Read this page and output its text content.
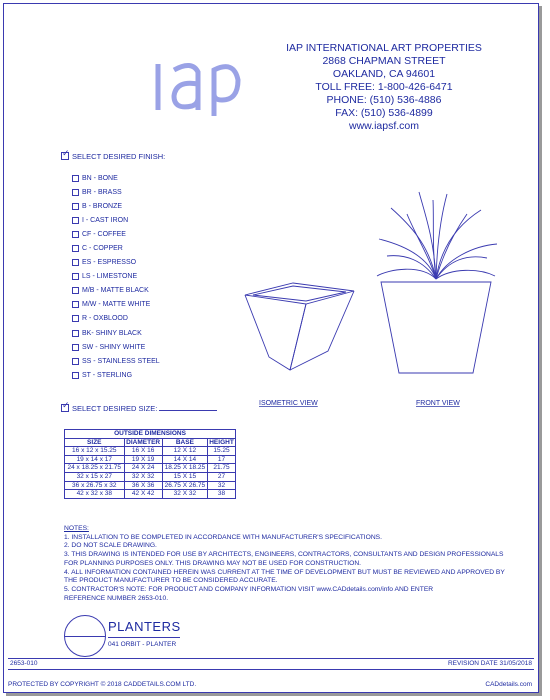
IAP INTERNATIONAL ART PROPERTIES
2868 CHAPMAN STREET
OAKLAND, CA 94601
TOLL FREE: 1-800-426-6471
PHONE: (510) 536-4886
FAX: (510) 536-4899
www.iapsf.com
✓SELECT DESIRED FINISH:
BN - BONE
BR - BRASS
B - BRONZE
I - CAST IRON
CF - COFFEE
C - COPPER
ES - ESPRESSO
LS - LIMESTONE
M/B - MATTE BLACK
M/W - MATTE WHITE
R - OXBLOOD
BK- SHINY BLACK
SW - SHINY WHITE
SS - STAINLESS STEEL
ST - STERLING
✓SELECT DESIRED SIZE:
ISOMETRIC VIEW	FRONT VIEW
OUTSIDE DIMENSIONS			
SIZE	DIAMETER	BASE	HEIGHT
16 x 12 x 15.25	16 X 16	12 X 12	15.25
19 x 14 x 17	19 X 19	14 X 14	17
24 x 18.25 x 21.75	24 X 24	18.25 X 18.25	21.75
32 x 15 x 27	32 X 32	15 X 15	27
36 x 26.75 x 32	36 X 36	26.75 X 26.75	32
42 x 32 x 38	42 X 42	32 X 32	38
NOTES:
1. INSTALLATION TO BE COMPLETED IN ACCORDANCE WITH MANUFACTURER'S SPECIFICATIONS.
2. DO NOT SCALE DRAWING.
3. THIS DRAWING IS INTENDED FOR USE BY ARCHITECTS, ENGINEERS, CONTRACTORS, CONSULTANTS AND DESIGN PROFESSIONALS
FOR PLANNING PURPOSES ONLY. THIS DRAWING MAY NOT BE USED FOR CONSTRUCTION.
4. ALL INFORMATION CONTAINED HEREIN WAS CURRENT AT THE TIME OF DEVELOPMENT BUT MUST BE REVIEWED AND APPROVED BY
THE PRODUCT MANUFACTURER TO BE CONSIDERED ACCURATE.
5. CONTRACTOR'S NOTE: FOR PRODUCT AND COMPANY INFORMATION VISIT www.CADdetails.com/info AND ENTER
REFERENCE NUMBER 2653-010.
PLANTERS
041 ORBIT - PLANTER
2653-010	REVISION DATE 31/05/2018
PROTECTED BY COPYRIGHT © 2018 CADDETAILS.COM LTD.	CADdetails.com
